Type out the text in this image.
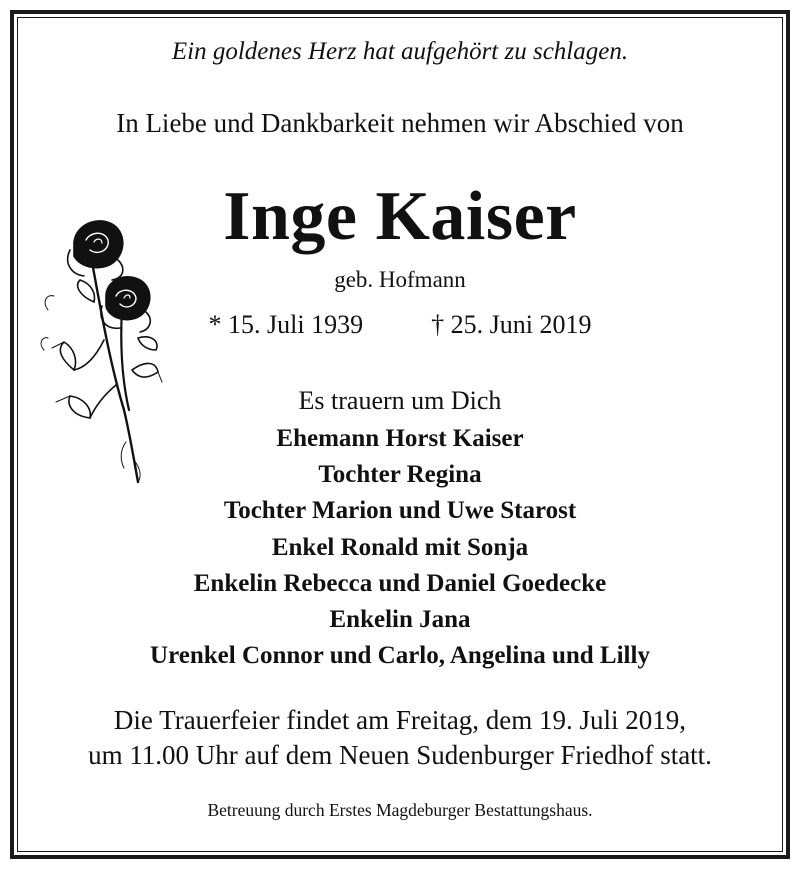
Ein goldenes Herz hat aufgehört zu schlagen.
In Liebe und Dankbarkeit nehmen wir Abschied von
Inge Kaiser
geb. Hofmann
* 15. Juli 1939	† 25. Juni 2019
Es trauern um Dich
Ehemann Horst Kaiser
Tochter Regina
Tochter Marion und Uwe Starost
Enkel Ronald mit Sonja
Enkelin Rebecca und Daniel Goedecke
Enkelin Jana
Urenkel Connor und Carlo, Angelina und Lilly
Die Trauerfeier findet am Freitag, dem 19. Juli 2019,
um 11.00 Uhr auf dem Neuen Sudenburger Friedhof statt.
Betreuung durch Erstes Magdeburger Bestattungshaus.
